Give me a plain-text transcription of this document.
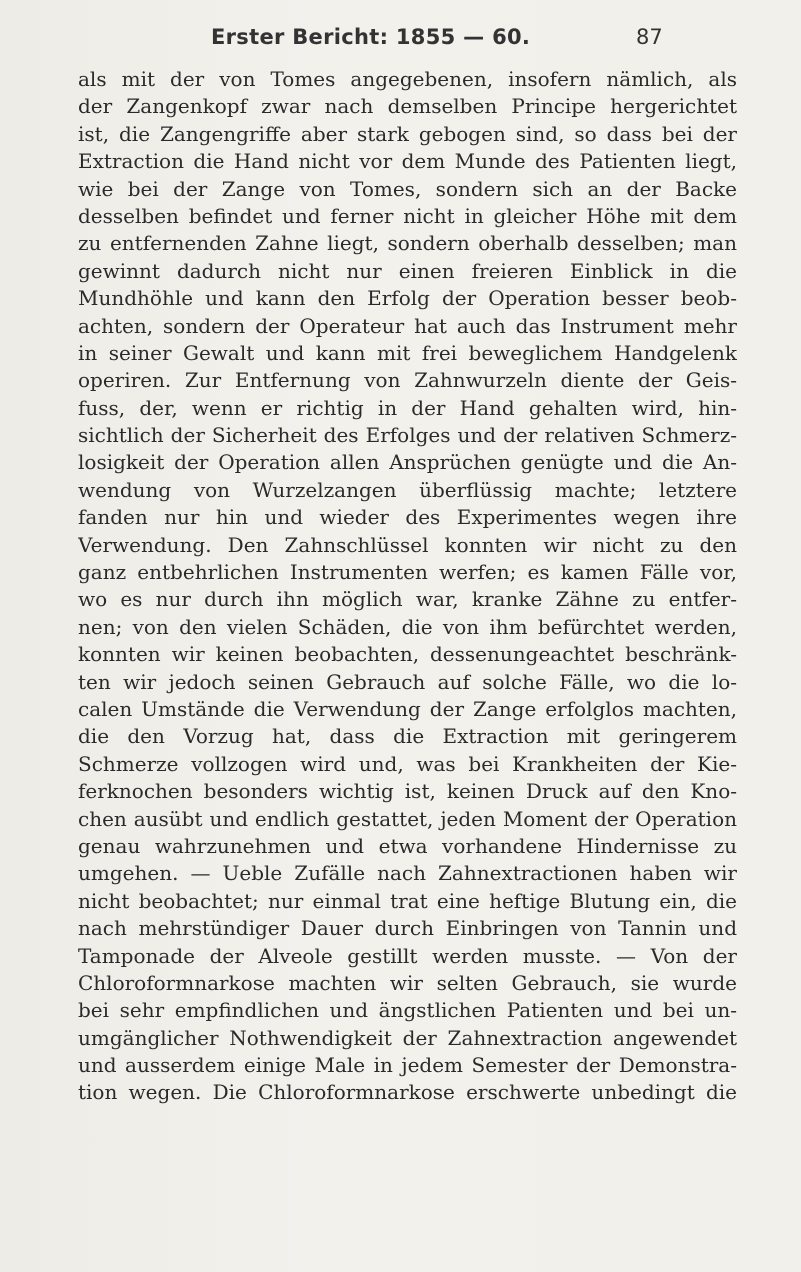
Erster Bericht: 1855 — 60.	87
als mit der von Tomes angegebenen, insofern nämlich, als
der Zangenkopf zwar nach demselben Principe hergerichtet
ist, die Zangengriffe aber stark gebogen sind, so dass bei der
Extraction die Hand nicht vor dem Munde des Patienten liegt,
wie bei der Zange von Tomes, sondern sich an der Backe
desselben befindet und ferner nicht in gleicher Höhe mit dem
zu entfernenden Zahne liegt, sondern oberhalb desselben; man
gewinnt dadurch nicht nur einen freieren Einblick in die
Mundhöhle und kann den Erfolg der Operation besser beob-
achten, sondern der Operateur hat auch das Instrument mehr
in seiner Gewalt und kann mit frei beweglichem Handgelenk
operiren. Zur Entfernung von Zahnwurzeln diente der Geis-
fuss, der, wenn er richtig in der Hand gehalten wird, hin-
sichtlich der Sicherheit des Erfolges und der relativen Schmerz-
losigkeit der Operation allen Ansprüchen genügte und die An-
wendung von Wurzelzangen überflüssig machte; letztere
fanden nur hin und wieder des Experimentes wegen ihre
Verwendung. Den Zahnschlüssel konnten wir nicht zu den
ganz entbehrlichen Instrumenten werfen; es kamen Fälle vor,
wo es nur durch ihn möglich war, kranke Zähne zu entfer-
nen; von den vielen Schäden, die von ihm befürchtet werden,
konnten wir keinen beobachten, dessenungeachtet beschränk-
ten wir jedoch seinen Gebrauch auf solche Fälle, wo die lo-
calen Umstände die Verwendung der Zange erfolglos machten,
die den Vorzug hat, dass die Extraction mit geringerem
Schmerze vollzogen wird und, was bei Krankheiten der Kie-
ferknochen besonders wichtig ist, keinen Druck auf den Kno-
chen ausübt und endlich gestattet, jeden Moment der Operation
genau wahrzunehmen und etwa vorhandene Hindernisse zu
umgehen. — Ueble Zufälle nach Zahnextractionen haben wir
nicht beobachtet; nur einmal trat eine heftige Blutung ein, die
nach mehrstündiger Dauer durch Einbringen von Tannin und
Tamponade der Alveole gestillt werden musste. — Von der
Chloroformnarkose machten wir selten Gebrauch, sie wurde
bei sehr empfindlichen und ängstlichen Patienten und bei un-
umgänglicher Nothwendigkeit der Zahnextraction angewendet
und ausserdem einige Male in jedem Semester der Demonstra-
tion wegen. Die Chloroformnarkose erschwerte unbedingt die
